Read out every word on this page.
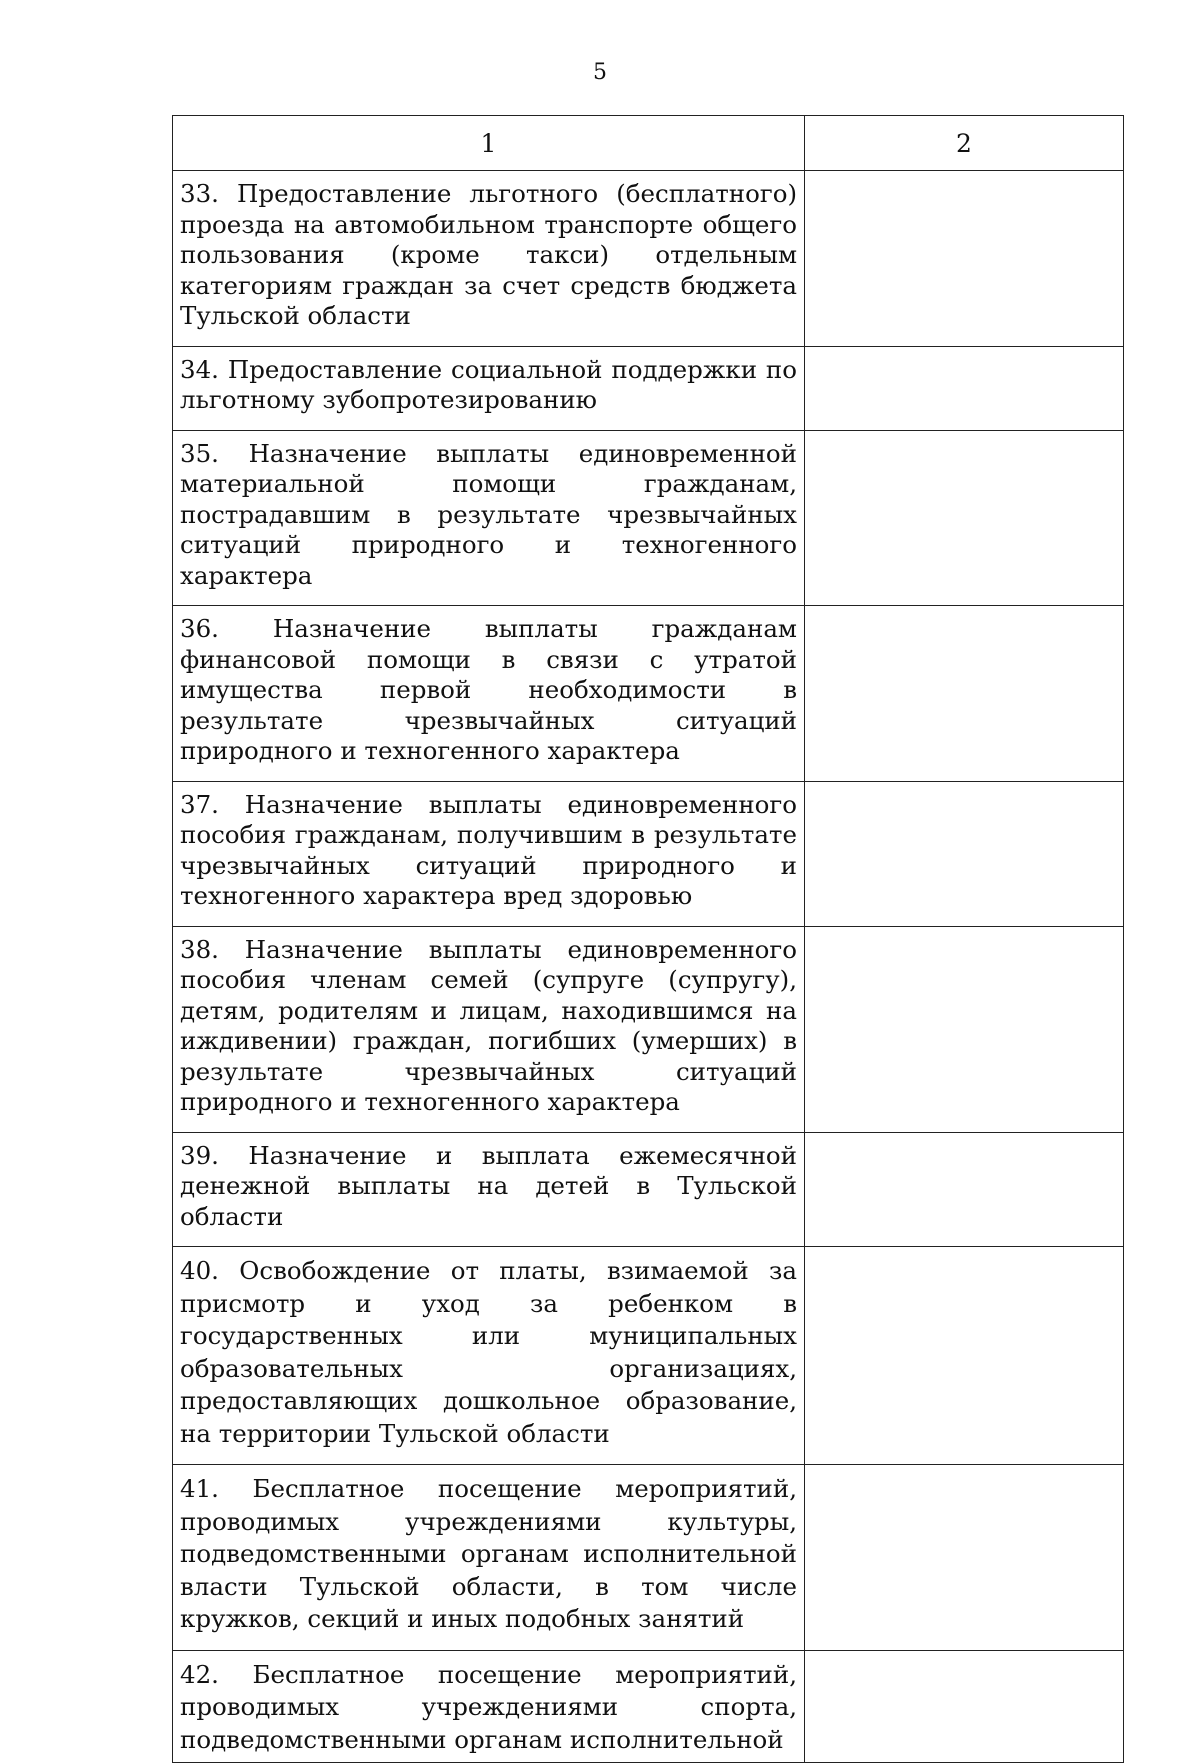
5
1	2
33. Предоставление льготного (бесплатного) проезда на автомобильном транспорте общего пользования (кроме такси) отдельным категориям граждан за счет средств бюджета Тульской области	
34. Предоставление социальной поддержки по льготному зубопротезированию	
35. Назначение выплаты единовременной материальной помощи гражданам, пострадавшим в результате чрезвычайных ситуаций природного и техногенного характера	
36. Назначение выплаты гражданам финансовой помощи в связи с утратой имущества первой необходимости в результате чрезвычайных ситуаций природного и техногенного характера	
37. Назначение выплаты единовременного пособия гражданам, получившим в результате чрезвычайных ситуаций природного и техногенного характера вред здоровью	
38. Назначение выплаты единовременного пособия членам семей (супруге (супругу), детям, родителям и лицам, находившимся на иждивении) граждан, погибших (умерших) в результате чрезвычайных ситуаций природного и техногенного характера	
39. Назначение и выплата ежемесячной денежной выплаты на детей в Тульской области	
40. Освобождение от платы, взимаемой за присмотр и уход за ребенком в государственных или муниципальных образовательных организациях, предоставляющих дошкольное образование, на территории Тульской области	
41. Бесплатное посещение мероприятий, проводимых учреждениями культуры, подведомственными органам исполнительной власти Тульской области, в том числе кружков, секций и иных подобных занятий	
42. Бесплатное посещение мероприятий, проводимых учреждениями спорта, подведомственными органам исполнительной	
